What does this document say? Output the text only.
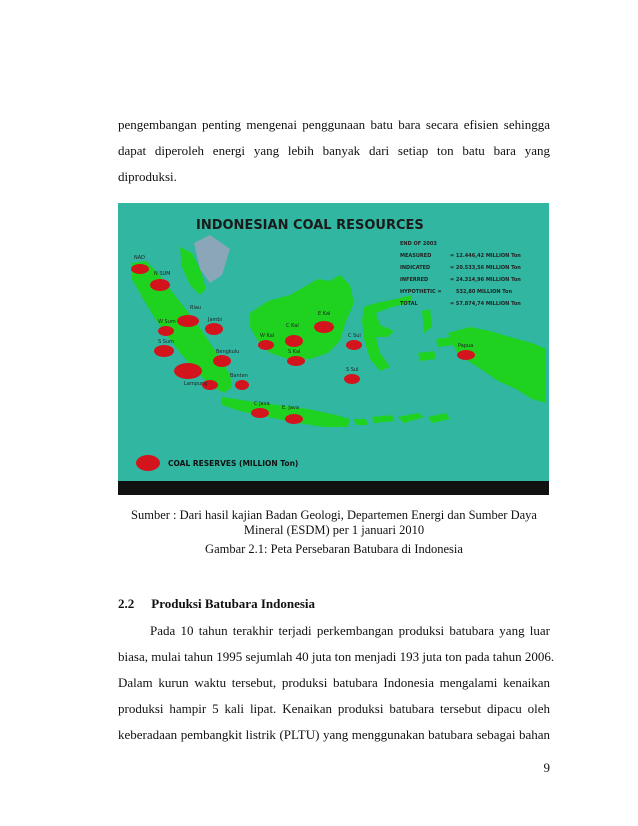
pengembangan penting mengenai penggunaan batu bara secara efisien sehingga
dapat diperoleh energi yang lebih banyak dari setiap ton batu bara yang
diproduksi.
INDONESIAN COAL RESOURCES
END OF 2003
MEASURED	= 12.446,42 MILLION Ton
INDICATED	= 20.533,56 MILLION Ton
INFERRED	= 24.314,96 MILLION Ton
HYPOTHETIC =	532,80 MILLION Ton
TOTAL	= 57.874,74 MILLION Ton
NAD
N SUM
Riau
W Sum	Jambi
S Sum
Bengkulu
Lampung
Banten
C Java
E. Java
W Kal
C Kal
E Kal
S Kal
C Sul
S Sul
Papua
COAL RESERVES (MILLION Ton)
Sumber : Dari hasil kajian Badan Geologi, Departemen Energi dan Sumber Daya
Mineral (ESDM) per 1 januari 2010
Gambar 2.1: Peta Persebaran Batubara di Indonesia
2.2 Produksi Batubara Indonesia
Pada 10 tahun terakhir terjadi perkembangan produksi batubara yang luar
biasa, mulai tahun 1995 sejumlah 40 juta ton menjadi 193 juta ton pada tahun 2006.
Dalam kurun waktu tersebut, produksi batubara Indonesia mengalami kenaikan
produksi hampir 5 kali lipat. Kenaikan produksi batubara tersebut dipacu oleh
keberadaan pembangkit listrik (PLTU) yang menggunakan batubara sebagai bahan
9
